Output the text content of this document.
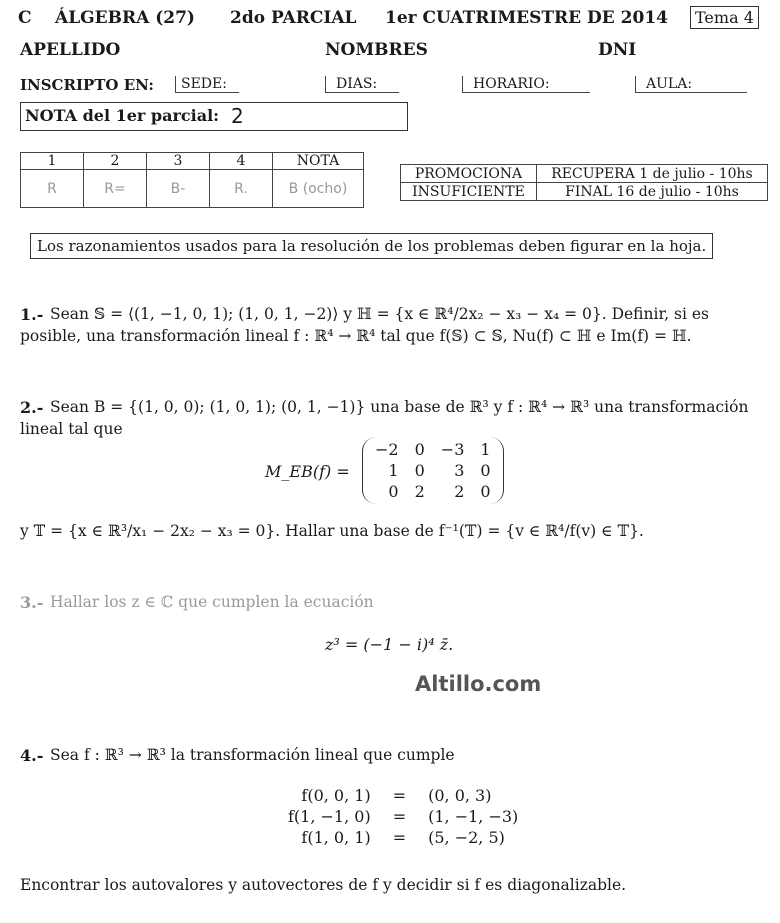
C ÁLGEBRA (27) 2do PARCIAL 1er CUATRIMESTRE DE 2014	Tema 4
APELLIDO	NOMBRES	DNI
INSCRIPTO EN:	SEDE:	DIAS:	HORARIO:	AULA:
NOTA del 1er parcial: 2
1	2	3	4	NOTA
R	R=	B-	R.	B (ocho)
PROMOCIONA	RECUPERA 1 de julio - 10hs
INSUFICIENTE	FINAL 16 de julio - 10hs
Los razonamientos usados para la resolución de los problemas deben figurar en la hoja.
1.- Sean 𝕊 = ⟨(1, −1, 0, 1); (1, 0, 1, −2)⟩ y ℍ = {x ∈ ℝ⁴/2x₂ − x₃ − x₄ = 0}. Definir, si es
posible, una transformación lineal f : ℝ⁴ → ℝ⁴ tal que f(𝕊) ⊂ 𝕊, Nu(f) ⊂ ℍ e Im(f) = ℍ.
2.- Sean B = {(1, 0, 0); (1, 0, 1); (0, 1, −1)} una base de ℝ³ y f : ℝ⁴ → ℝ³ una transformación
lineal tal que
M_EB(f) =
−2	0	−3	1
1	0	3	0
0	2	2	0
y 𝕋 = {x ∈ ℝ³/x₁ − 2x₂ − x₃ = 0}. Hallar una base de f⁻¹(𝕋) = {v ∈ ℝ⁴/f(v) ∈ 𝕋}.
3.- Hallar los z ∈ ℂ que cumplen la ecuación
z³ = (−1 − i)⁴ z̄.
Altillo.com
4.- Sea f : ℝ³ → ℝ³ la transformación lineal que cumple
f(0, 0, 1)	=	(0, 0, 3)
f(1, −1, 0)	=	(1, −1, −3)
f(1, 0, 1)	=	(5, −2, 5)
Encontrar los autovalores y autovectores de f y decidir si f es diagonalizable.
